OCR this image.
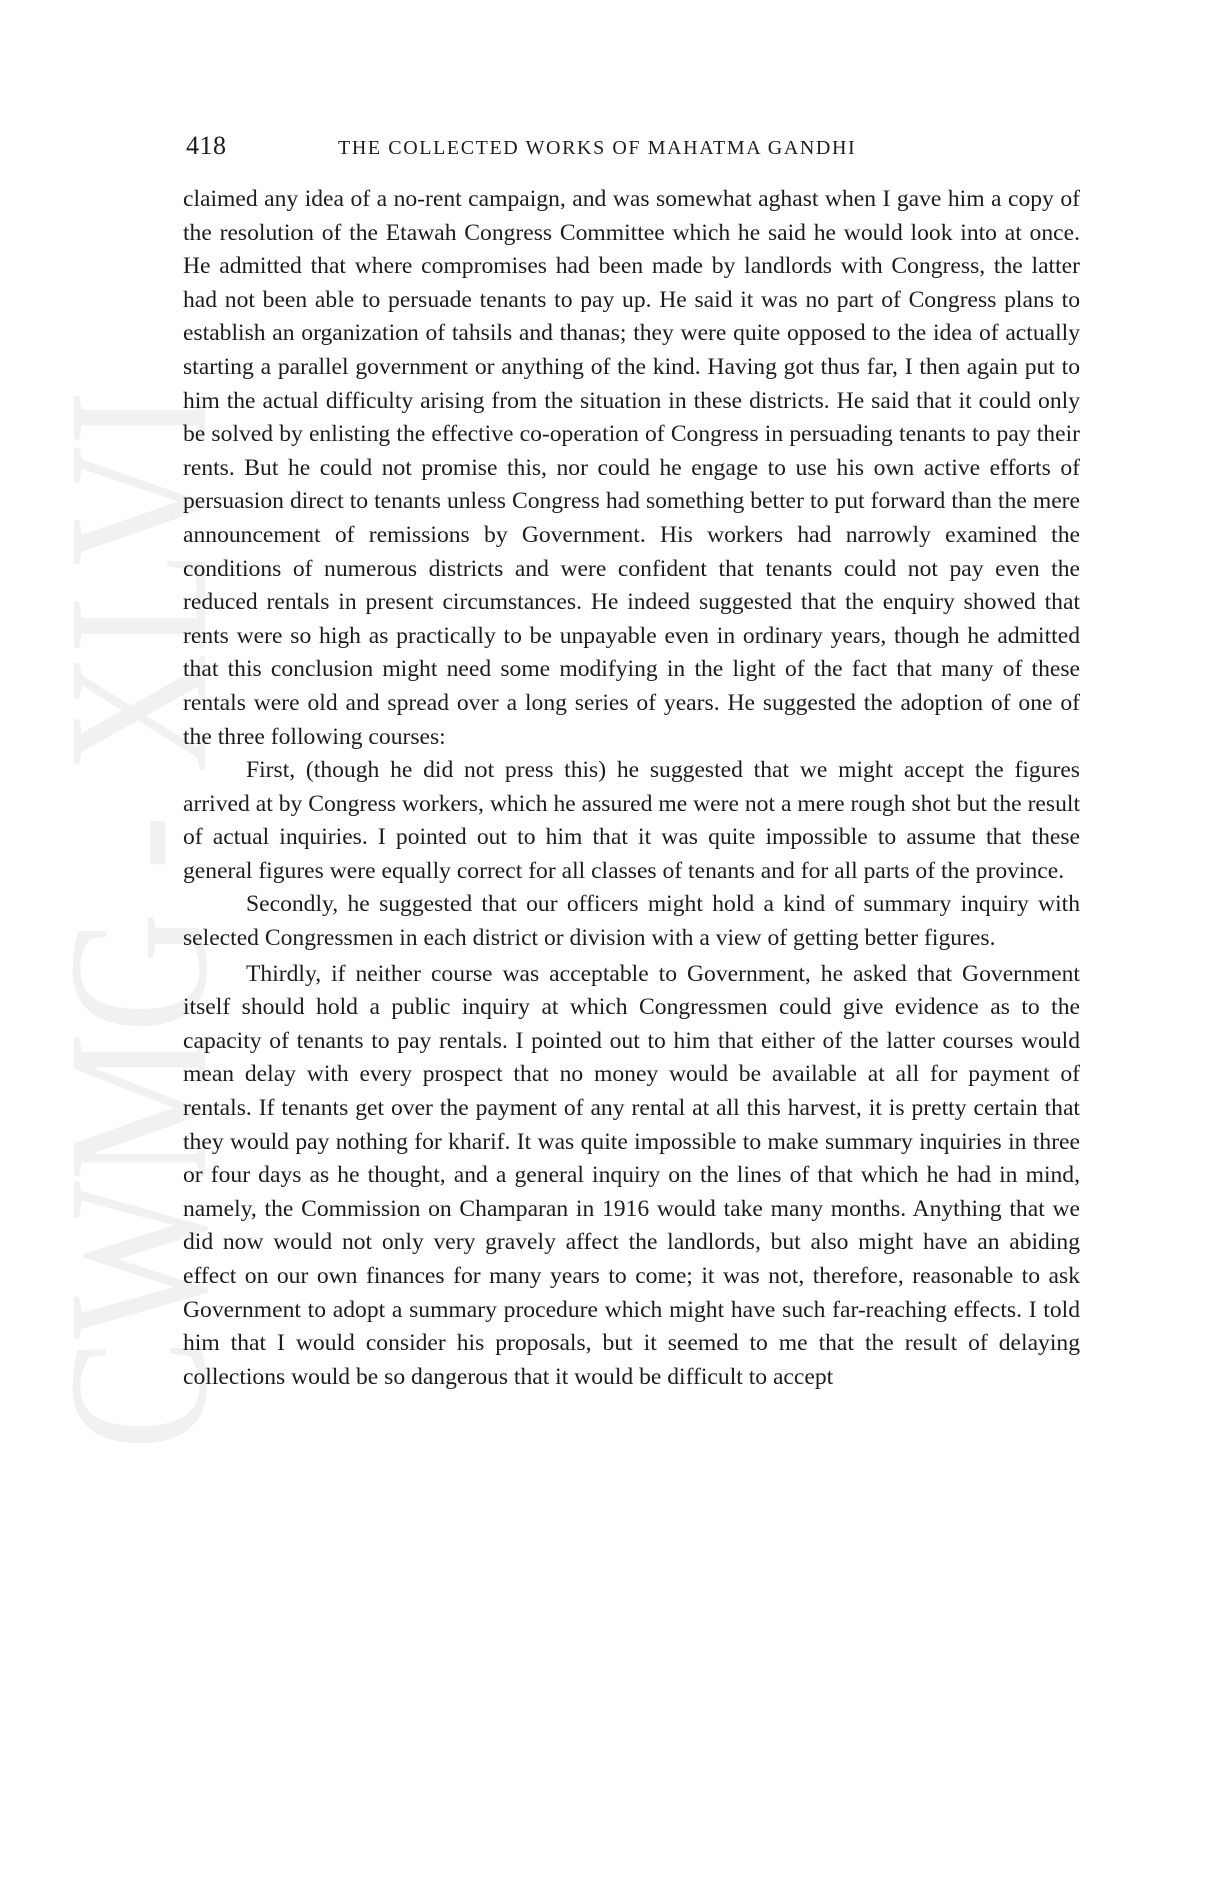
CWMG - XLVI
418	THE COLLECTED WORKS OF MAHATMA GANDHI

claimed any idea of a no-rent campaign, and was somewhat aghast when I gave him a copy of the resolution of the Etawah Congress Committee which he said he would look into at once. He admitted that where compromises had been made by landlords with Congress, the latter had not been able to persuade tenants to pay up. He said it was no part of Congress plans to establish an organization of tahsils and thanas; they were quite opposed to the idea of actually starting a parallel government or anything of the kind. Having got thus far, I then again put to him the actual difficulty arising from the situation in these districts. He said that it could only be solved by enlisting the effective co-operation of Congress in persuading tenants to pay their rents. But he could not promise this, nor could he engage to use his own active efforts of persuasion direct to tenants unless Congress had something better to put forward than the mere announcement of remissions by Government. His workers had narrowly examined the conditions of numerous districts and were confident that tenants could not pay even the reduced rentals in present circumstances. He indeed suggested that the enquiry showed that rents were so high as practically to be unpayable even in ordinary years, though he admitted that this conclusion might need some modifying in the light of the fact that many of these rentals were old and spread over a long series of years. He suggested the adoption of one of the three following courses:

First, (though he did not press this) he suggested that we might accept the figures arrived at by Congress workers, which he assured me were not a mere rough shot but the result of actual inquiries. I pointed out to him that it was quite impossible to assume that these general figures were equally correct for all classes of tenants and for all parts of the province.

Secondly, he suggested that our officers might hold a kind of summary inquiry with selected Congressmen in each district or division with a view of getting better figures.

Thirdly, if neither course was acceptable to Government, he asked that Government itself should hold a public inquiry at which Congressmen could give evidence as to the capacity of tenants to pay rentals. I pointed out to him that either of the latter courses would mean delay with every prospect that no money would be available at all for payment of rentals. If tenants get over the payment of any rental at all this harvest, it is pretty certain that they would pay nothing for kharif. It was quite impossible to make summary inquiries in three or four days as he thought, and a general inquiry on the lines of that which he had in mind, namely, the Commission on Champaran in 1916 would take many months. Anything that we did now would not only very gravely affect the landlords, but also might have an abiding effect on our own finances for many years to come; it was not, therefore, reasonable to ask Government to adopt a summary procedure which might have such far-reaching effects. I told him that I would consider his proposals, but it seemed to me that the result of delaying collections would be so dangerous that it would be difficult to accept
